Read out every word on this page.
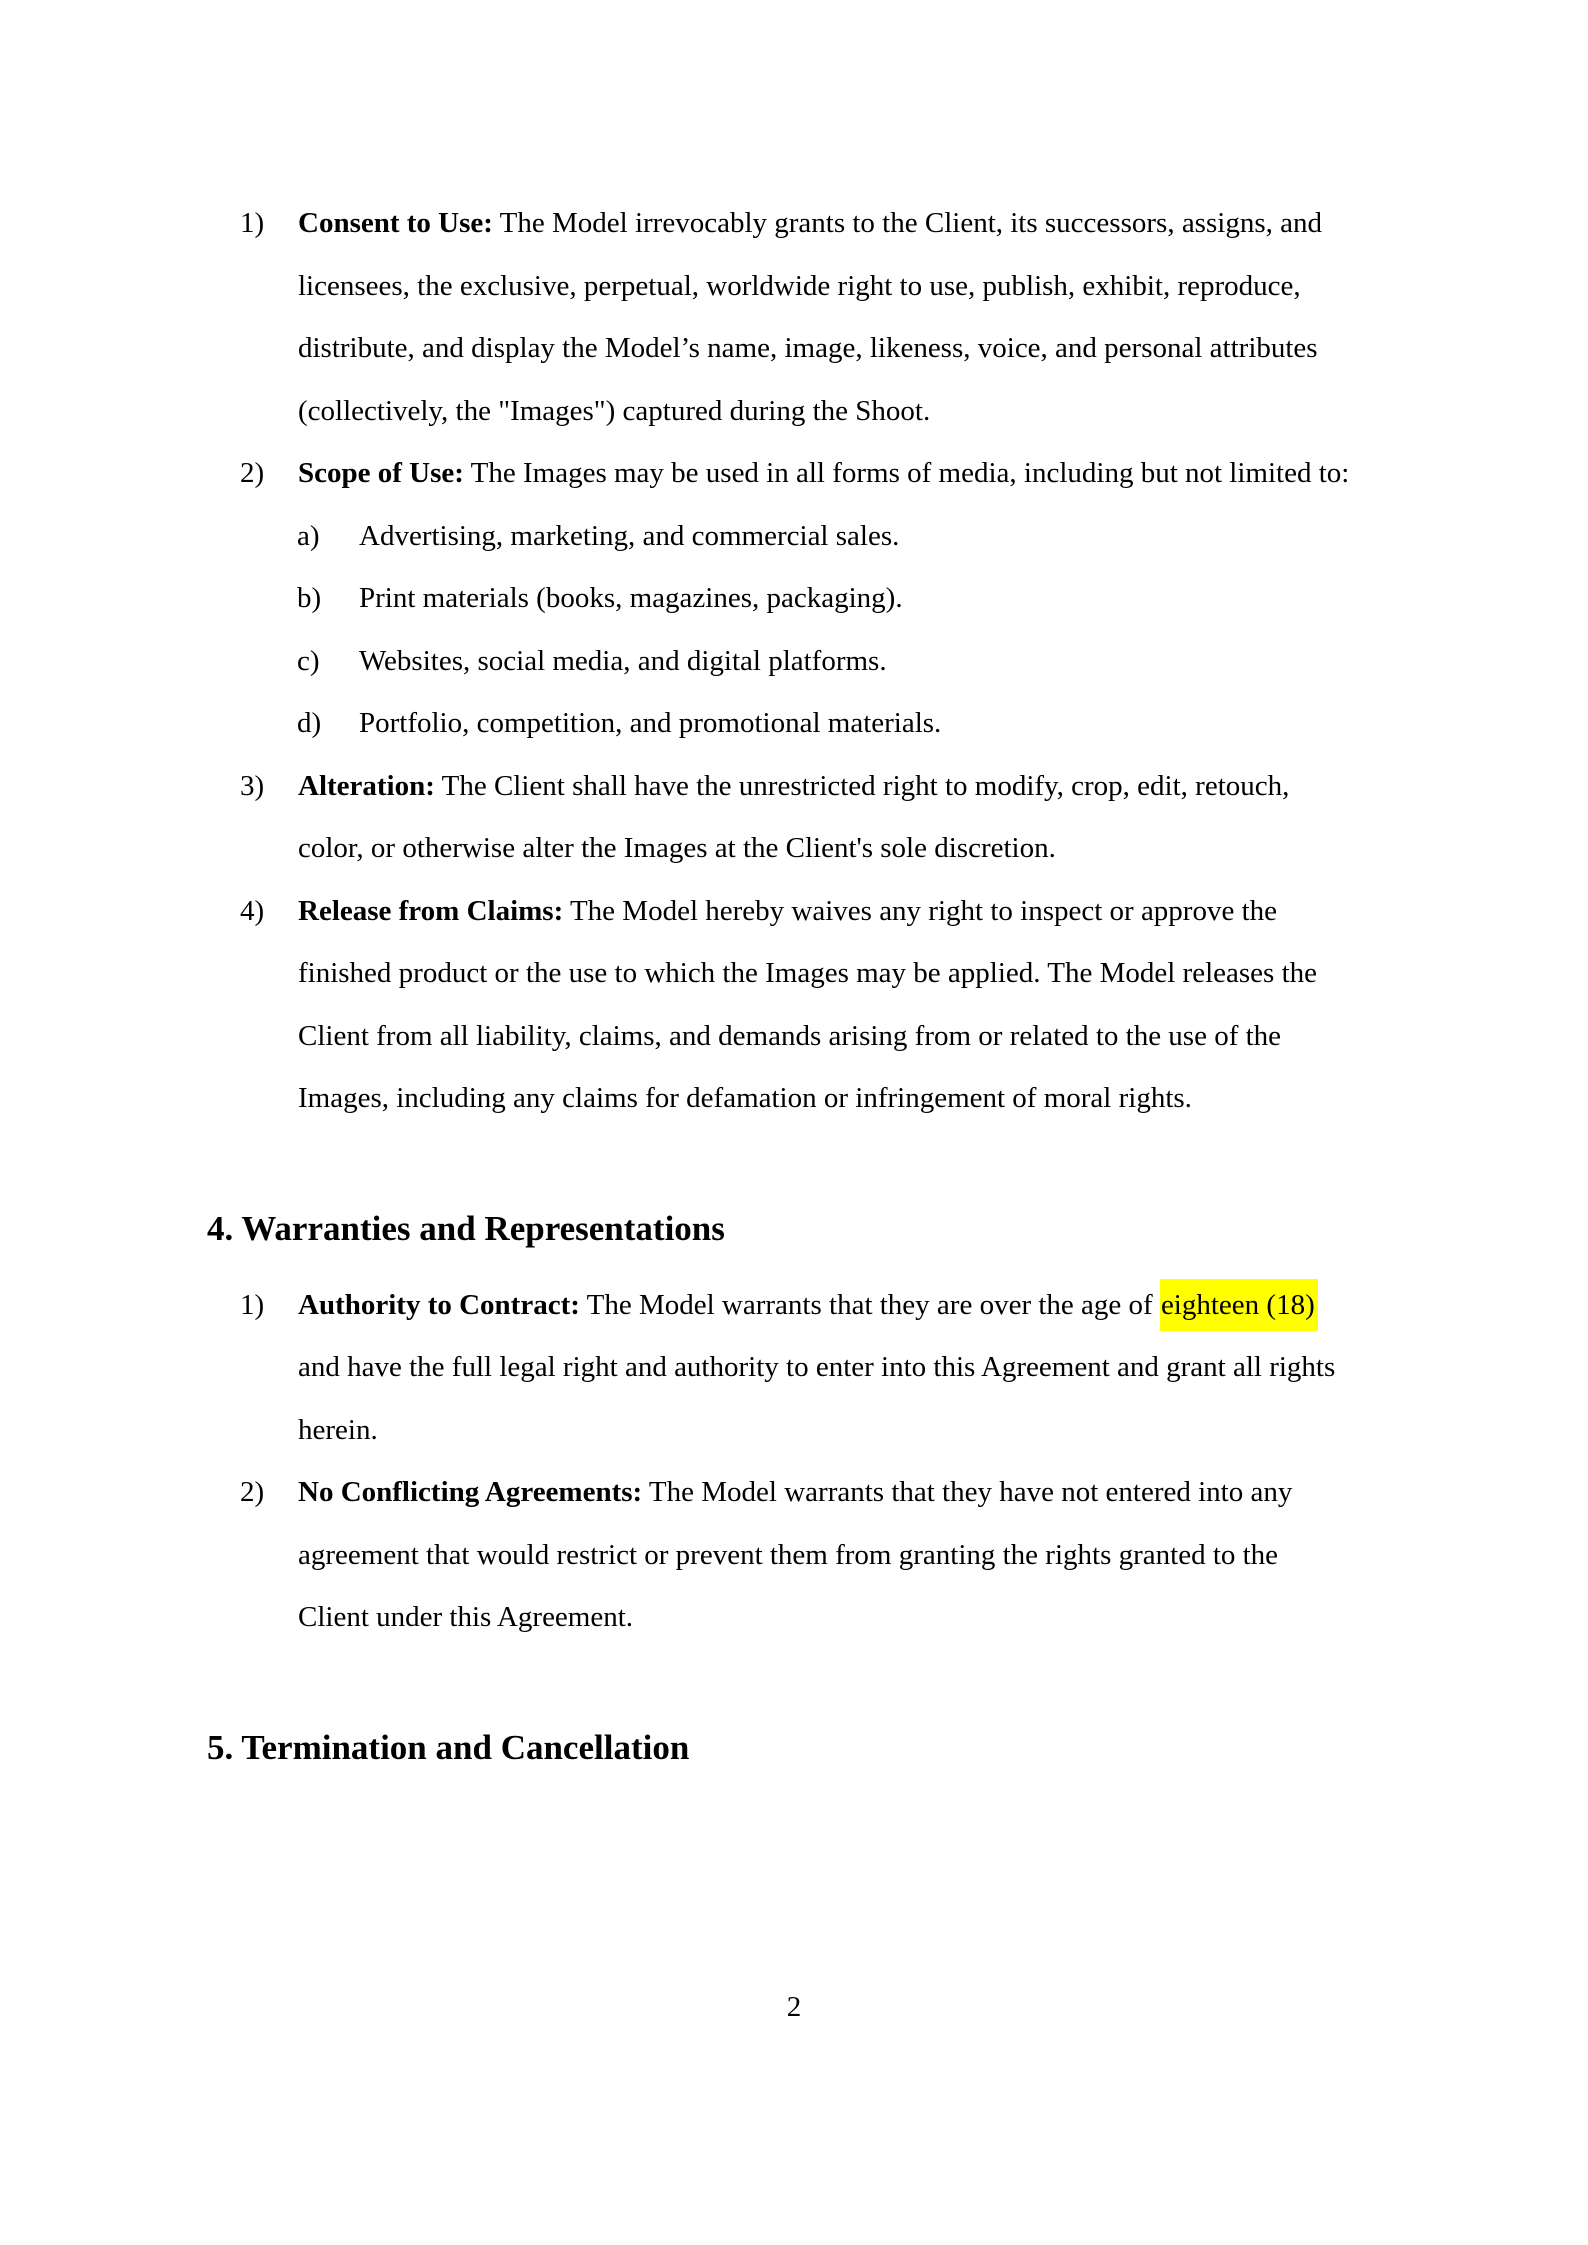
1)	Consent to Use: The Model irrevocably grants to the Client, its successors, assigns, and licensees, the exclusive, perpetual, worldwide right to use, publish, exhibit, reproduce, distribute, and display the Model’s name, image, likeness, voice, and personal attributes (collectively, the "Images") captured during the Shoot.
2)	Scope of Use: The Images may be used in all forms of media, including but not limited to:
a)	Advertising, marketing, and commercial sales.
b)	Print materials (books, magazines, packaging).
c)	Websites, social media, and digital platforms.
d)	Portfolio, competition, and promotional materials.
3)	Alteration: The Client shall have the unrestricted right to modify, crop, edit, retouch, color, or otherwise alter the Images at the Client's sole discretion.
4)	Release from Claims: The Model hereby waives any right to inspect or approve the finished product or the use to which the Images may be applied. The Model releases the Client from all liability, claims, and demands arising from or related to the use of the Images, including any claims for defamation or infringement of moral rights.
4. Warranties and Representations
1)	Authority to Contract: The Model warrants that they are over the age of eighteen (18) and have the full legal right and authority to enter into this Agreement and grant all rights herein.
2)	No Conflicting Agreements: The Model warrants that they have not entered into any agreement that would restrict or prevent them from granting the rights granted to the Client under this Agreement.
5. Termination and Cancellation
2
